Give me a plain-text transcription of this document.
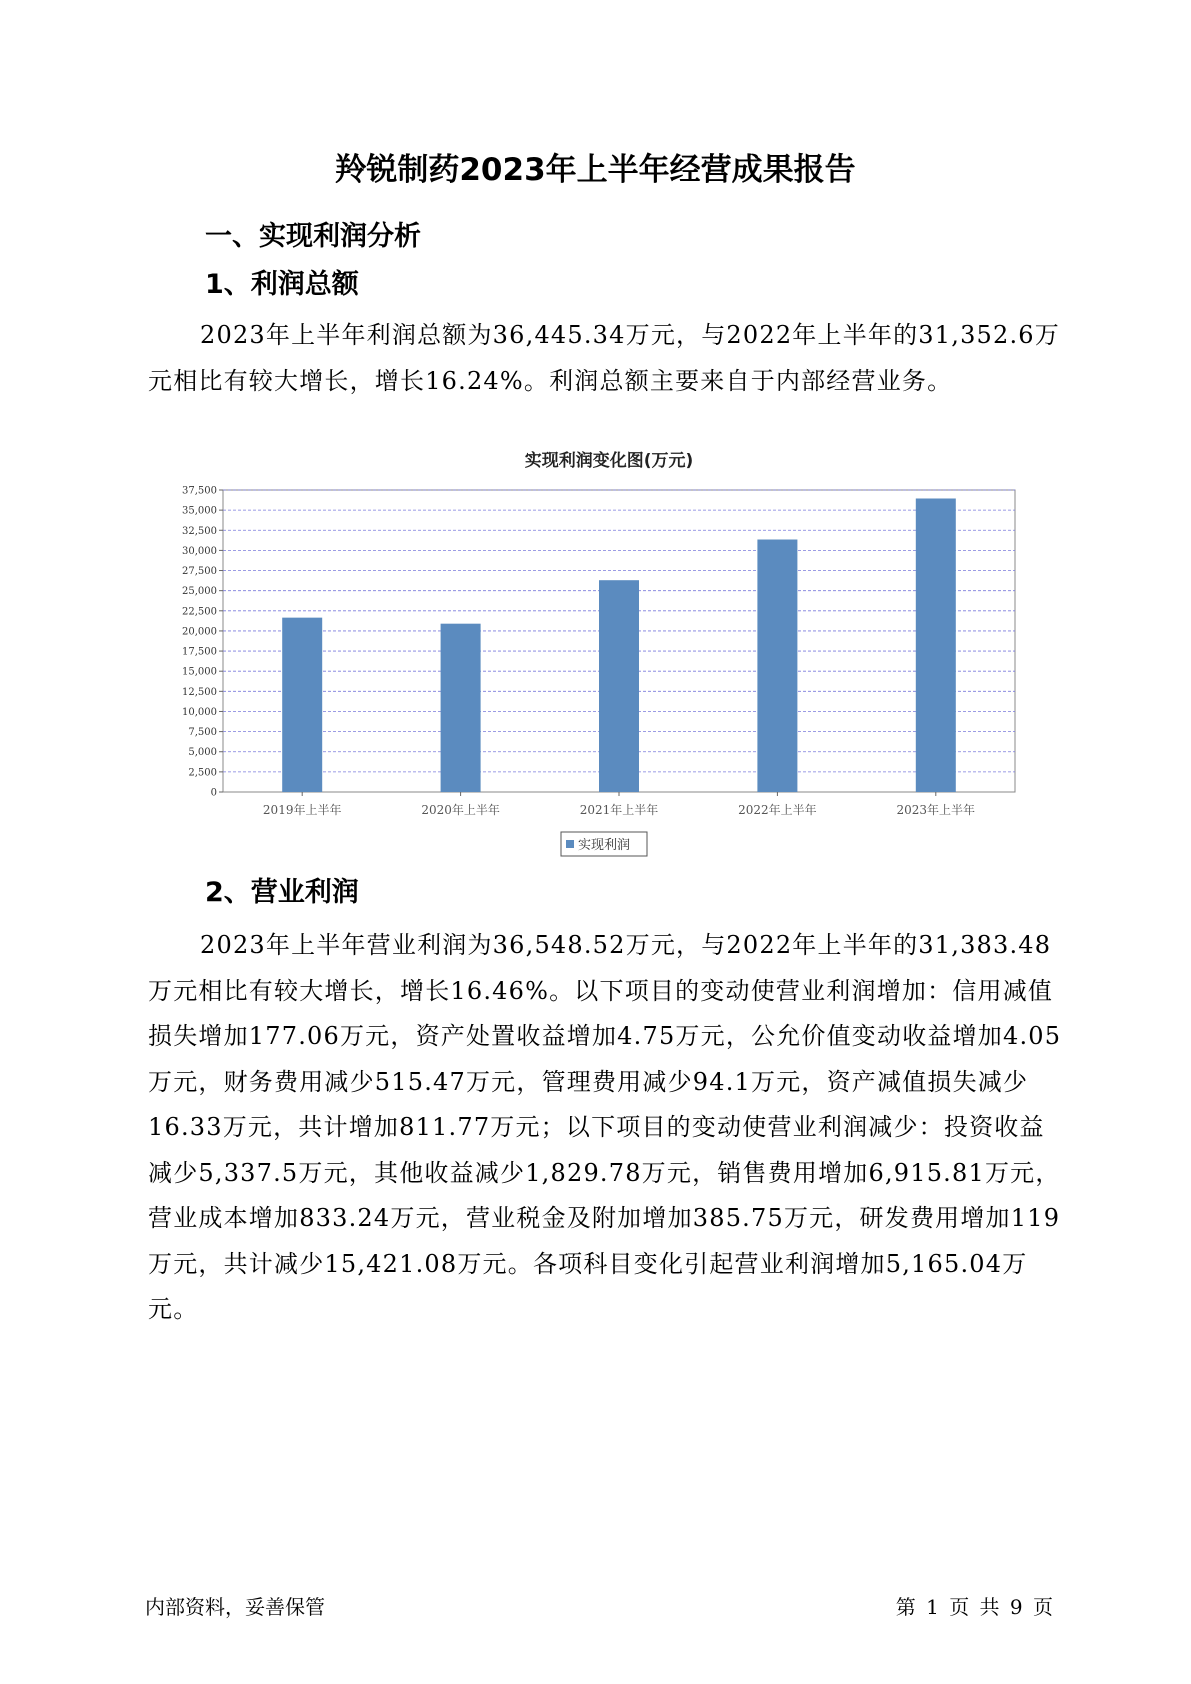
羚锐制药2023年上半年经营成果报告
一、实现利润分析
1、利润总额

2023年上半年利润总额为36,445.34万元，与2022年上半年的31,352.6万元相比有较大增长，增长16.24%。利润总额主要来自于内部经营业务。

实现利润变化图(万元)
0
2,500
5,000
7,500
10,000
12,500
15,000
17,500
20,000
22,500
25,000
27,500
30,000
32,500
35,000
37,500
2019年上半年	2020年上半年	2021年上半年	2022年上半年	2023年上半年
实现利润
2、营业利润

2023年上半年营业利润为36,548.52万元，与2022年上半年的31,383.48万元相比有较大增长，增长16.46%。以下项目的变动使营业利润增加：信用减值损失增加177.06万元，资产处置收益增加4.75万元，公允价值变动收益增加4.05万元，财务费用减少515.47万元，管理费用减少94.1万元，资产减值损失减少16.33万元，共计增加811.77万元；以下项目的变动使营业利润减少：投资收益减少5,337.5万元，其他收益减少1,829.78万元，销售费用增加6,915.81万元，营业成本增加833.24万元，营业税金及附加增加385.75万元，研发费用增加119万元，共计减少15,421.08万元。各项科目变化引起营业利润增加5,165.04万元。

内部资料，妥善保管	第 1 页 共 9 页
